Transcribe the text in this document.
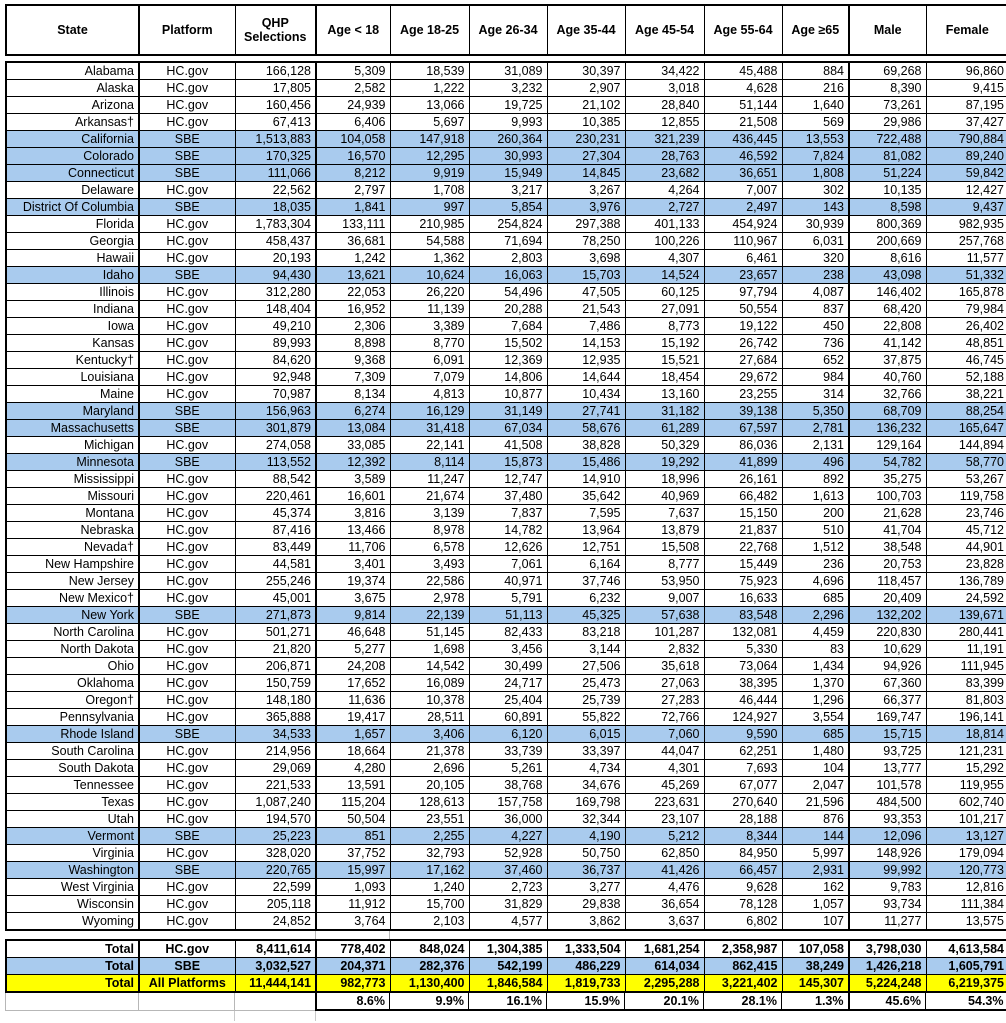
State	Platform	QHP Selections	Age < 18	Age 18-25	Age 26-34	Age 35-44	Age 45-54	Age 55-64	Age ≥65	Male	Female
Alabama	HC.gov	166,128	5,309	18,539	31,089	30,397	34,422	45,488	884	69,268	96,860
Alaska	HC.gov	17,805	2,582	1,222	3,232	2,907	3,018	4,628	216	8,390	9,415
Arizona	HC.gov	160,456	24,939	13,066	19,725	21,102	28,840	51,144	1,640	73,261	87,195
Arkansas†	HC.gov	67,413	6,406	5,697	9,993	10,385	12,855	21,508	569	29,986	37,427
California	SBE	1,513,883	104,058	147,918	260,364	230,231	321,239	436,445	13,553	722,488	790,884
Colorado	SBE	170,325	16,570	12,295	30,993	27,304	28,763	46,592	7,824	81,082	89,240
Connecticut	SBE	111,066	8,212	9,919	15,949	14,845	23,682	36,651	1,808	51,224	59,842
Delaware	HC.gov	22,562	2,797	1,708	3,217	3,267	4,264	7,007	302	10,135	12,427
District Of Columbia	SBE	18,035	1,841	997	5,854	3,976	2,727	2,497	143	8,598	9,437
Florida	HC.gov	1,783,304	133,111	210,985	254,824	297,388	401,133	454,924	30,939	800,369	982,935
Georgia	HC.gov	458,437	36,681	54,588	71,694	78,250	100,226	110,967	6,031	200,669	257,768
Hawaii	HC.gov	20,193	1,242	1,362	2,803	3,698	4,307	6,461	320	8,616	11,577
Idaho	SBE	94,430	13,621	10,624	16,063	15,703	14,524	23,657	238	43,098	51,332
Illinois	HC.gov	312,280	22,053	26,220	54,496	47,505	60,125	97,794	4,087	146,402	165,878
Indiana	HC.gov	148,404	16,952	11,139	20,288	21,543	27,091	50,554	837	68,420	79,984
Iowa	HC.gov	49,210	2,306	3,389	7,684	7,486	8,773	19,122	450	22,808	26,402
Kansas	HC.gov	89,993	8,898	8,770	15,502	14,153	15,192	26,742	736	41,142	48,851
Kentucky†	HC.gov	84,620	9,368	6,091	12,369	12,935	15,521	27,684	652	37,875	46,745
Louisiana	HC.gov	92,948	7,309	7,079	14,806	14,644	18,454	29,672	984	40,760	52,188
Maine	HC.gov	70,987	8,134	4,813	10,877	10,434	13,160	23,255	314	32,766	38,221
Maryland	SBE	156,963	6,274	16,129	31,149	27,741	31,182	39,138	5,350	68,709	88,254
Massachusetts	SBE	301,879	13,084	31,418	67,034	58,676	61,289	67,597	2,781	136,232	165,647
Michigan	HC.gov	274,058	33,085	22,141	41,508	38,828	50,329	86,036	2,131	129,164	144,894
Minnesota	SBE	113,552	12,392	8,114	15,873	15,486	19,292	41,899	496	54,782	58,770
Mississippi	HC.gov	88,542	3,589	11,247	12,747	14,910	18,996	26,161	892	35,275	53,267
Missouri	HC.gov	220,461	16,601	21,674	37,480	35,642	40,969	66,482	1,613	100,703	119,758
Montana	HC.gov	45,374	3,816	3,139	7,837	7,595	7,637	15,150	200	21,628	23,746
Nebraska	HC.gov	87,416	13,466	8,978	14,782	13,964	13,879	21,837	510	41,704	45,712
Nevada†	HC.gov	83,449	11,706	6,578	12,626	12,751	15,508	22,768	1,512	38,548	44,901
New Hampshire	HC.gov	44,581	3,401	3,493	7,061	6,164	8,777	15,449	236	20,753	23,828
New Jersey	HC.gov	255,246	19,374	22,586	40,971	37,746	53,950	75,923	4,696	118,457	136,789
New Mexico†	HC.gov	45,001	3,675	2,978	5,791	6,232	9,007	16,633	685	20,409	24,592
New York	SBE	271,873	9,814	22,139	51,113	45,325	57,638	83,548	2,296	132,202	139,671
North Carolina	HC.gov	501,271	46,648	51,145	82,433	83,218	101,287	132,081	4,459	220,830	280,441
North Dakota	HC.gov	21,820	5,277	1,698	3,456	3,144	2,832	5,330	83	10,629	11,191
Ohio	HC.gov	206,871	24,208	14,542	30,499	27,506	35,618	73,064	1,434	94,926	111,945
Oklahoma	HC.gov	150,759	17,652	16,089	24,717	25,473	27,063	38,395	1,370	67,360	83,399
Oregon†	HC.gov	148,180	11,636	10,378	25,404	25,739	27,283	46,444	1,296	66,377	81,803
Pennsylvania	HC.gov	365,888	19,417	28,511	60,891	55,822	72,766	124,927	3,554	169,747	196,141
Rhode Island	SBE	34,533	1,657	3,406	6,120	6,015	7,060	9,590	685	15,715	18,814
South Carolina	HC.gov	214,956	18,664	21,378	33,739	33,397	44,047	62,251	1,480	93,725	121,231
South Dakota	HC.gov	29,069	4,280	2,696	5,261	4,734	4,301	7,693	104	13,777	15,292
Tennessee	HC.gov	221,533	13,591	20,105	38,768	34,676	45,269	67,077	2,047	101,578	119,955
Texas	HC.gov	1,087,240	115,204	128,613	157,758	169,798	223,631	270,640	21,596	484,500	602,740
Utah	HC.gov	194,570	50,504	23,551	36,000	32,344	23,107	28,188	876	93,353	101,217
Vermont	SBE	25,223	851	2,255	4,227	4,190	5,212	8,344	144	12,096	13,127
Virginia	HC.gov	328,020	37,752	32,793	52,928	50,750	62,850	84,950	5,997	148,926	179,094
Washington	SBE	220,765	15,997	17,162	37,460	36,737	41,426	66,457	2,931	99,992	120,773
West Virginia	HC.gov	22,599	1,093	1,240	2,723	3,277	4,476	9,628	162	9,783	12,816
Wisconsin	HC.gov	205,118	11,912	15,700	31,829	29,838	36,654	78,128	1,057	93,734	111,384
Wyoming	HC.gov	24,852	3,764	2,103	4,577	3,862	3,637	6,802	107	11,277	13,575
Total	HC.gov	8,411,614	778,402	848,024	1,304,385	1,333,504	1,681,254	2,358,987	107,058	3,798,030	4,613,584
Total	SBE	3,032,527	204,371	282,376	542,199	486,229	614,034	862,415	38,249	1,426,218	1,605,791
Total	All Platforms	11,444,141	982,773	1,130,400	1,846,584	1,819,733	2,295,288	3,221,402	145,307	5,224,248	6,219,375
			8.6%	9.9%	16.1%	15.9%	20.1%	28.1%	1.3%	45.6%	54.3%
